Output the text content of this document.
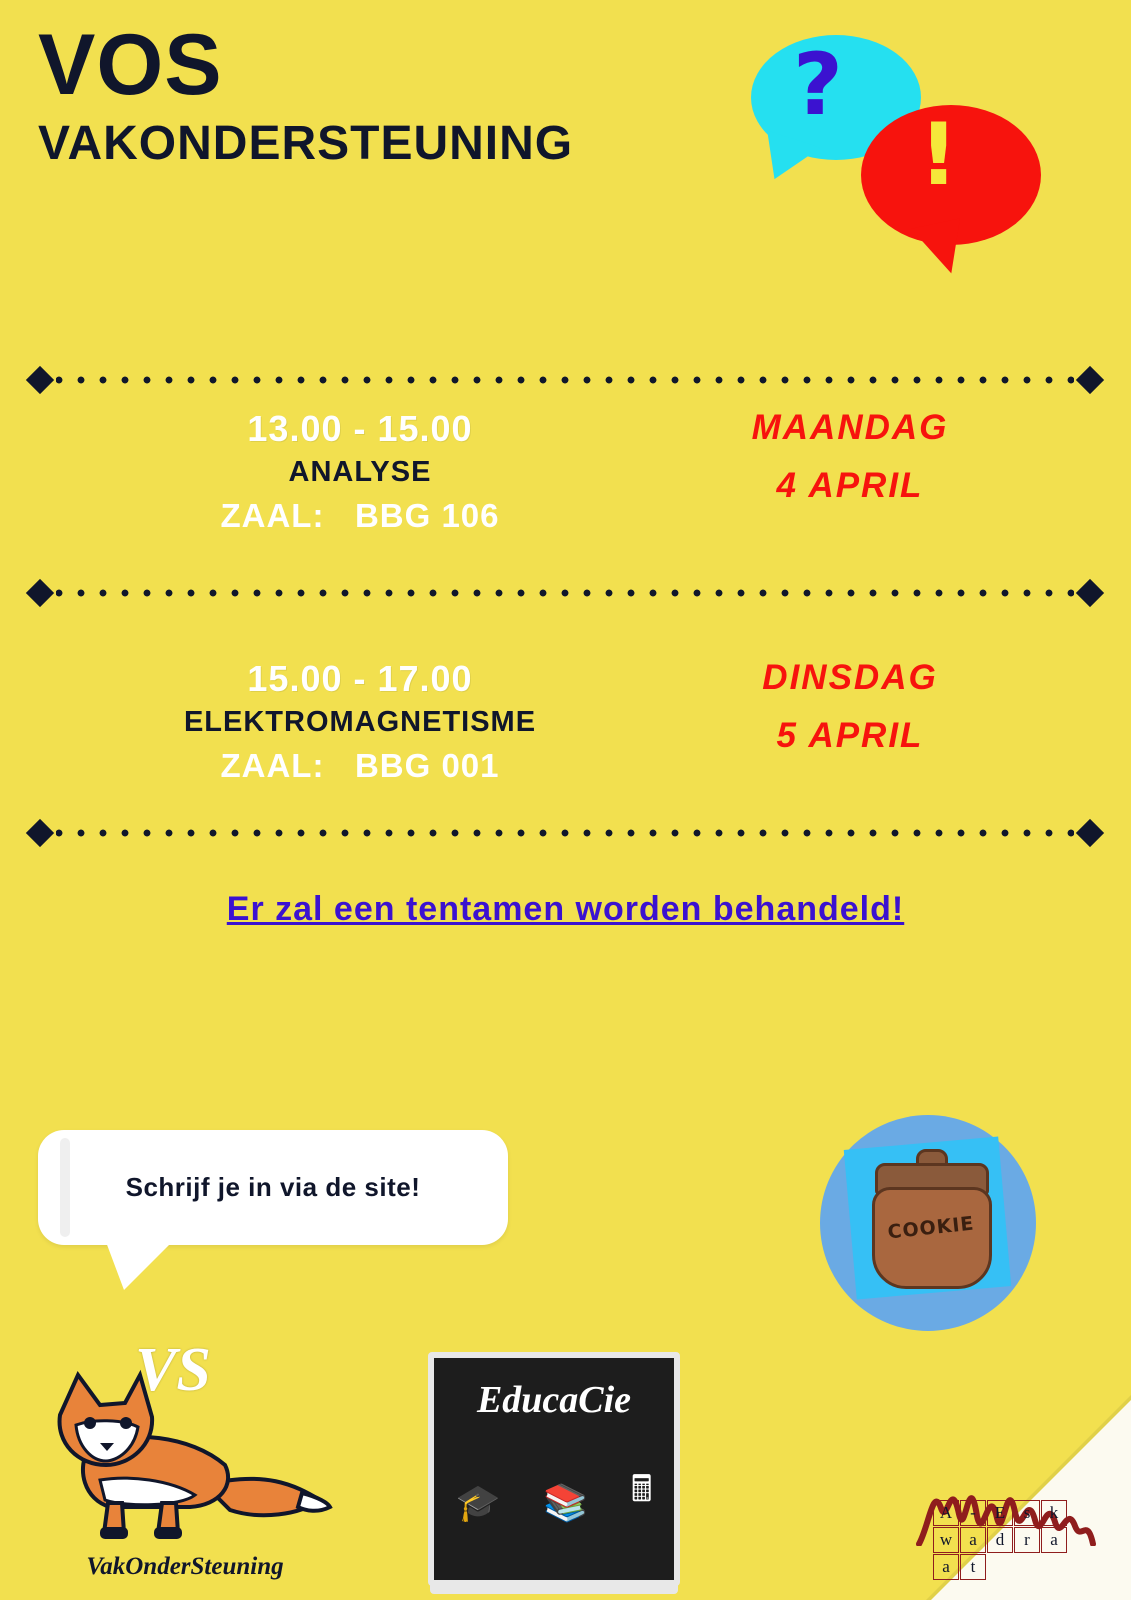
VOS
VAKONDERSTEUNING
?
!
13.00 - 15.00
ANALYSE
ZAAL: BBG 106
MAANDAG
4 APRIL
15.00 - 17.00
ELEKTROMAGNETISME
ZAAL: BBG 001
DINSDAG
5 APRIL
Er zal een tentamen worden behandeld!
Schrijf je in via de site!
COOKIE
VS
VakOnderSteuning
EducaCie
🎓 📚 🖩
A	-	E	s	k
w	a	d	r	a
a	t
